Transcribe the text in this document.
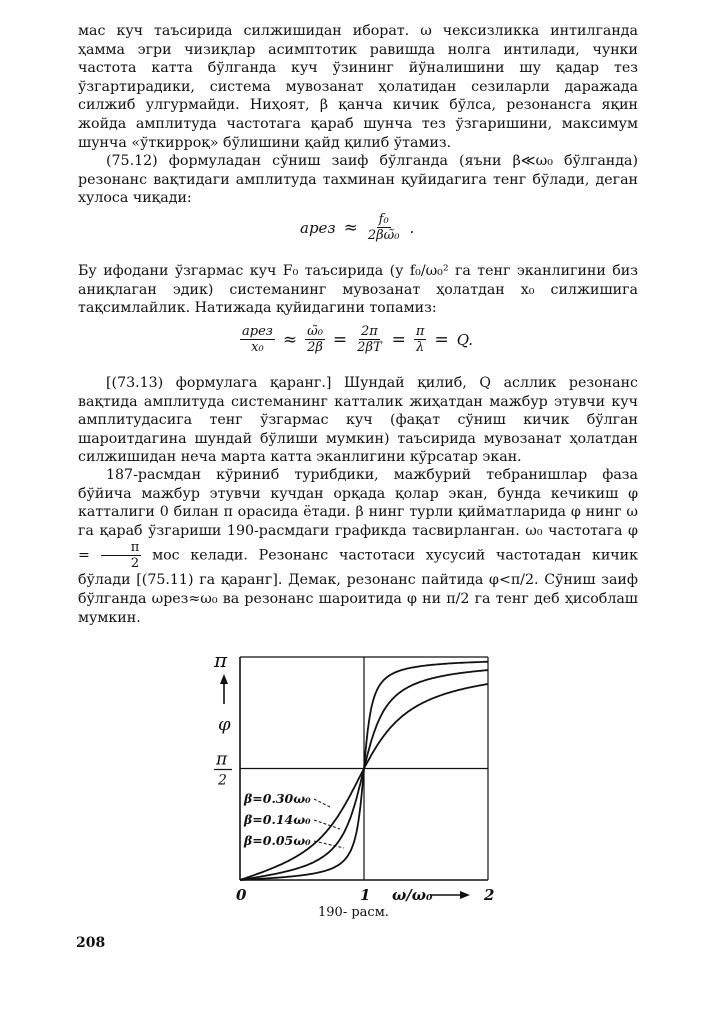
мас куч таъсирида силжишидан иборат. ω чексизликка интилганда ҳамма эгри чизиқлар асимптотик равишда нолга интилади, чунки частота катта бўлганда куч ўзининг йўналишини шу қадар тез ўзгартирадики, система мувозанат ҳолатидан сезиларли даражада силжиб улгурмайди. Ниҳоят, β қанча кичик бўлса, резонансга яқин жойда амплитуда частотага қараб шунча тез ўзгаришини, максимум шунча «ўткирроқ» бўлишини қайд қилиб ўтамиз.

(75.12) формуладан сўниш заиф бўлганда (яъни β≪ω₀ бўлганда) резонанс вақтидаги амплитуда тахминан қуйидагига тенг бўлади, деган хулоса чиқади:

aрез ≈ $\frac{\text{f₀}}{\text{2βω̃₀}}$ .

Бу ифодани ўзгармас куч F₀ таъсирида (у f₀/ω₀² га тенг эканлигини биз аниқлаган эдик) системанинг мувозанат ҳолатдан x₀ силжишига тақсимлайлик. Натижада қуйидагини топамиз:

$\frac{\text{aрез}}{\text{x₀}} \approx \frac{\text{ω̃₀}}{2\beta} = \frac{2\pi}{2\beta T} = \frac{\pi}{\lambda} = Q$.

[(73.13) формулага қаранг.] Шундай қилиб, Q асллик резонанс вақтида амплитуда системанинг катталик жиҳатдан мажбур этувчи куч амплитудасига тенг ўзгармас куч (фақат сўниш кичик бўлган шароитдагина шундай бўлиши мумкин) таъсирида мувозанат ҳолатдан силжишидан неча марта катта эканлигини кўрсатар экан.

187-расмдан кўриниб турибдики, мажбурий тебранишлар фаза бўйича мажбур этувчи кучдан орқада қолар экан, бунда кечикиш φ катталиги 0 билан π орасида ётади. β нинг турли қийматларида φ нинг ω га қараб ўзгариши 190-расмдаги графикда тасвирланган. ω₀ частотага $\varphi = \frac{\pi}{2}$ мос келади. Резонанс частотаси хусусий частотадан кичик бўлади [(75.11) га қаранг]. Демак, резонанс пайтида φ<π/2. Сўниш заиф бўлганда ωрез≈ω₀ ва резонанс шароитида φ ни π/2 га тенг деб ҳисоблаш мумкин.

0	1	2
ω/ω₀
π
π
2
φ
β=0.30ω₀
β=0.14ω₀
β=0.05ω₀
190- расм.
208
